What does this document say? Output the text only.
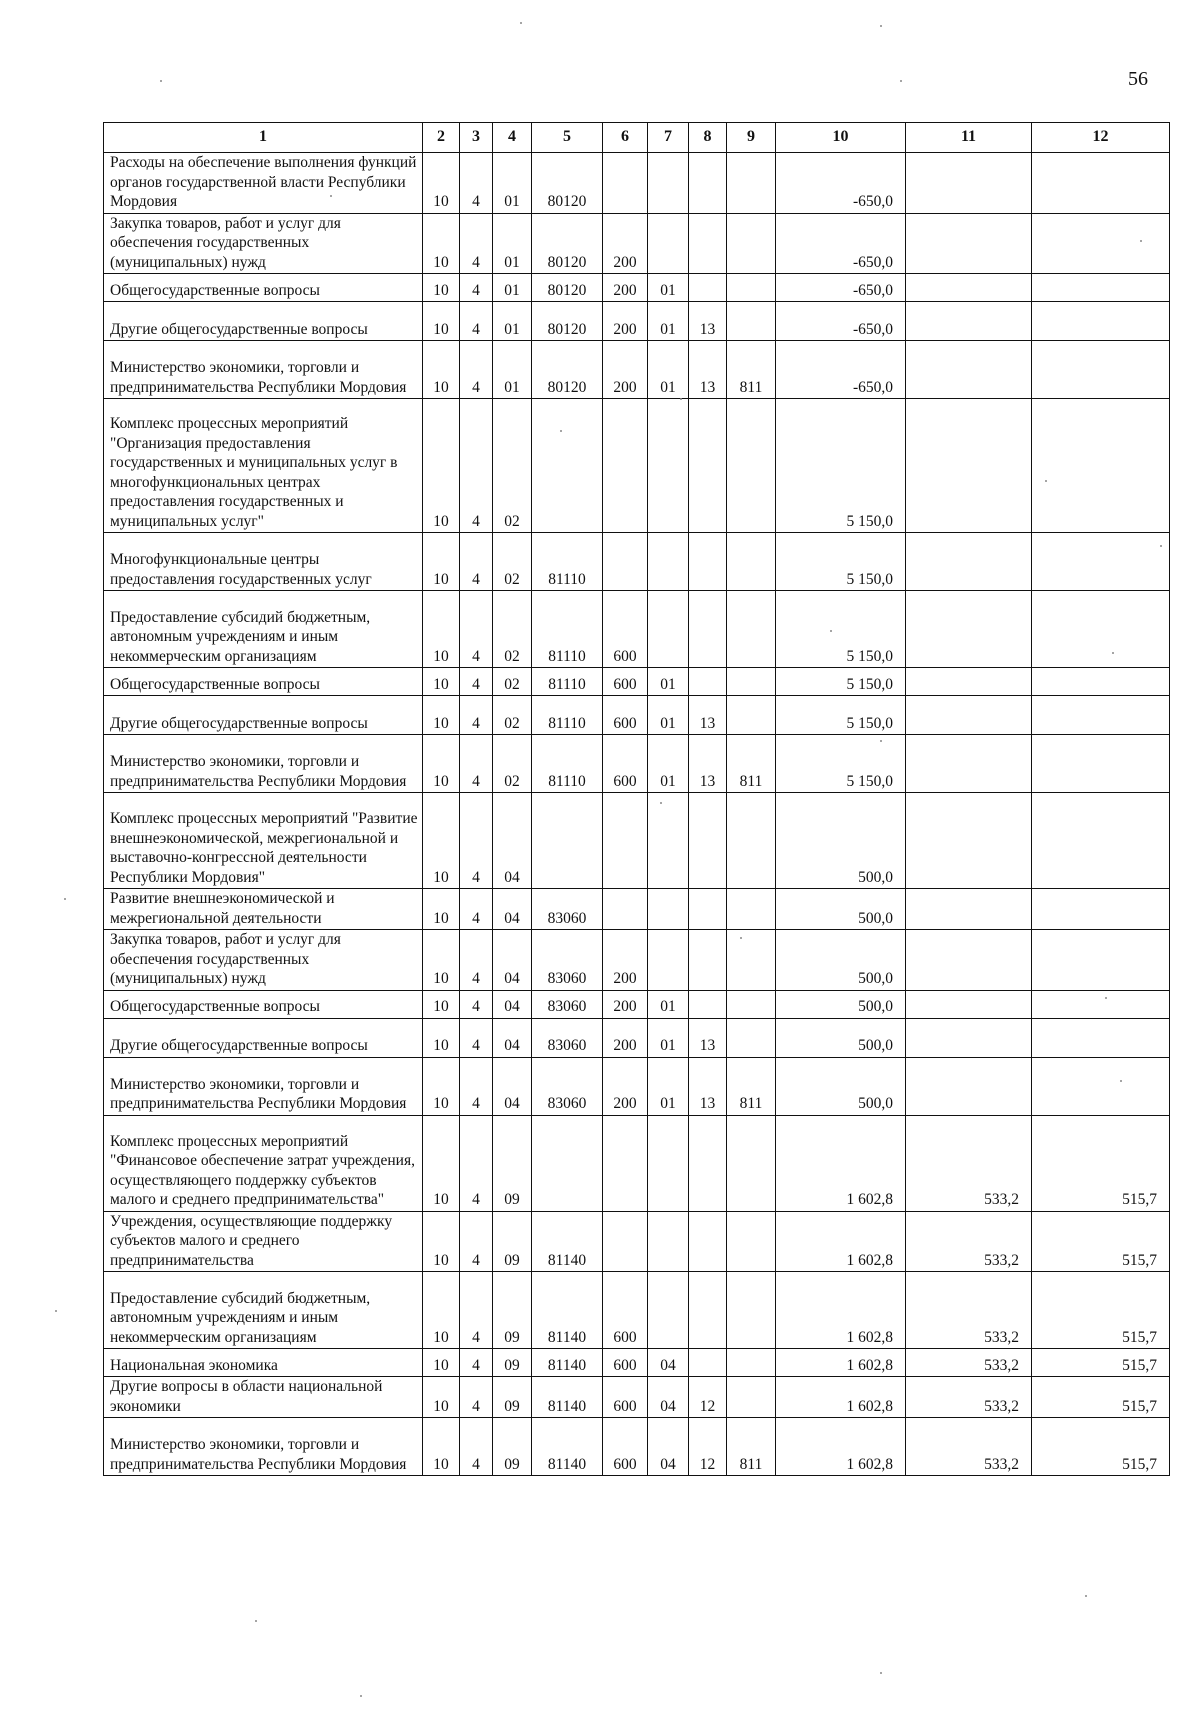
56
1	2	3	4	5	6	7	8	9	10	11	12
Расходы на обеспечение выполнения функций органов государственной власти Республики Мордовия	10	4	01	80120					-650,0		
Закупка товаров, работ и услуг для обеспечения государственных (муниципальных) нужд	10	4	01	80120	200				-650,0		
Общегосударственные вопросы	10	4	01	80120	200	01			-650,0		
Другие общегосударственные вопросы	10	4	01	80120	200	01	13		-650,0		
Министерство экономики, торговли и предпринимательства Республики Мордовия	10	4	01	80120	200	01	13	811	-650,0		
Комплекс процессных мероприятий "Организация предоставления государственных и муниципальных услуг в многофункциональных центрах предоставления государственных и муниципальных услуг"	10	4	02						5 150,0		
Многофункциональные центры предоставления государственных услуг	10	4	02	81110					5 150,0		
Предоставление субсидий бюджетным, автономным учреждениям и иным некоммерческим организациям	10	4	02	81110	600				5 150,0		
Общегосударственные вопросы	10	4	02	81110	600	01			5 150,0		
Другие общегосударственные вопросы	10	4	02	81110	600	01	13		5 150,0		
Министерство экономики, торговли и предпринимательства Республики Мордовия	10	4	02	81110	600	01	13	811	5 150,0		
Комплекс процессных мероприятий "Развитие внешнеэкономической, межрегиональной и выставочно-конгрессной деятельности Республики Мордовия"	10	4	04						500,0		
Развитие внешнеэкономической и межрегиональной деятельности	10	4	04	83060					500,0		
Закупка товаров, работ и услуг для обеспечения государственных (муниципальных) нужд	10	4	04	83060	200				500,0		
Общегосударственные вопросы	10	4	04	83060	200	01			500,0		
Другие общегосударственные вопросы	10	4	04	83060	200	01	13		500,0		
Министерство экономики, торговли и предпринимательства Республики Мордовия	10	4	04	83060	200	01	13	811	500,0		
Комплекс процессных мероприятий "Финансовое обеспечение затрат учреждения, осуществляющего поддержку субъектов малого и среднего предпринимательства"	10	4	09						1 602,8	533,2	515,7
Учреждения, осуществляющие поддержку субъектов малого и среднего предпринимательства	10	4	09	81140					1 602,8	533,2	515,7
Предоставление субсидий бюджетным, автономным учреждениям и иным некоммерческим организациям	10	4	09	81140	600				1 602,8	533,2	515,7
Национальная экономика	10	4	09	81140	600	04			1 602,8	533,2	515,7
Другие вопросы в области национальной экономики	10	4	09	81140	600	04	12		1 602,8	533,2	515,7
Министерство экономики, торговли и предпринимательства Республики Мордовия	10	4	09	81140	600	04	12	811	1 602,8	533,2	515,7
